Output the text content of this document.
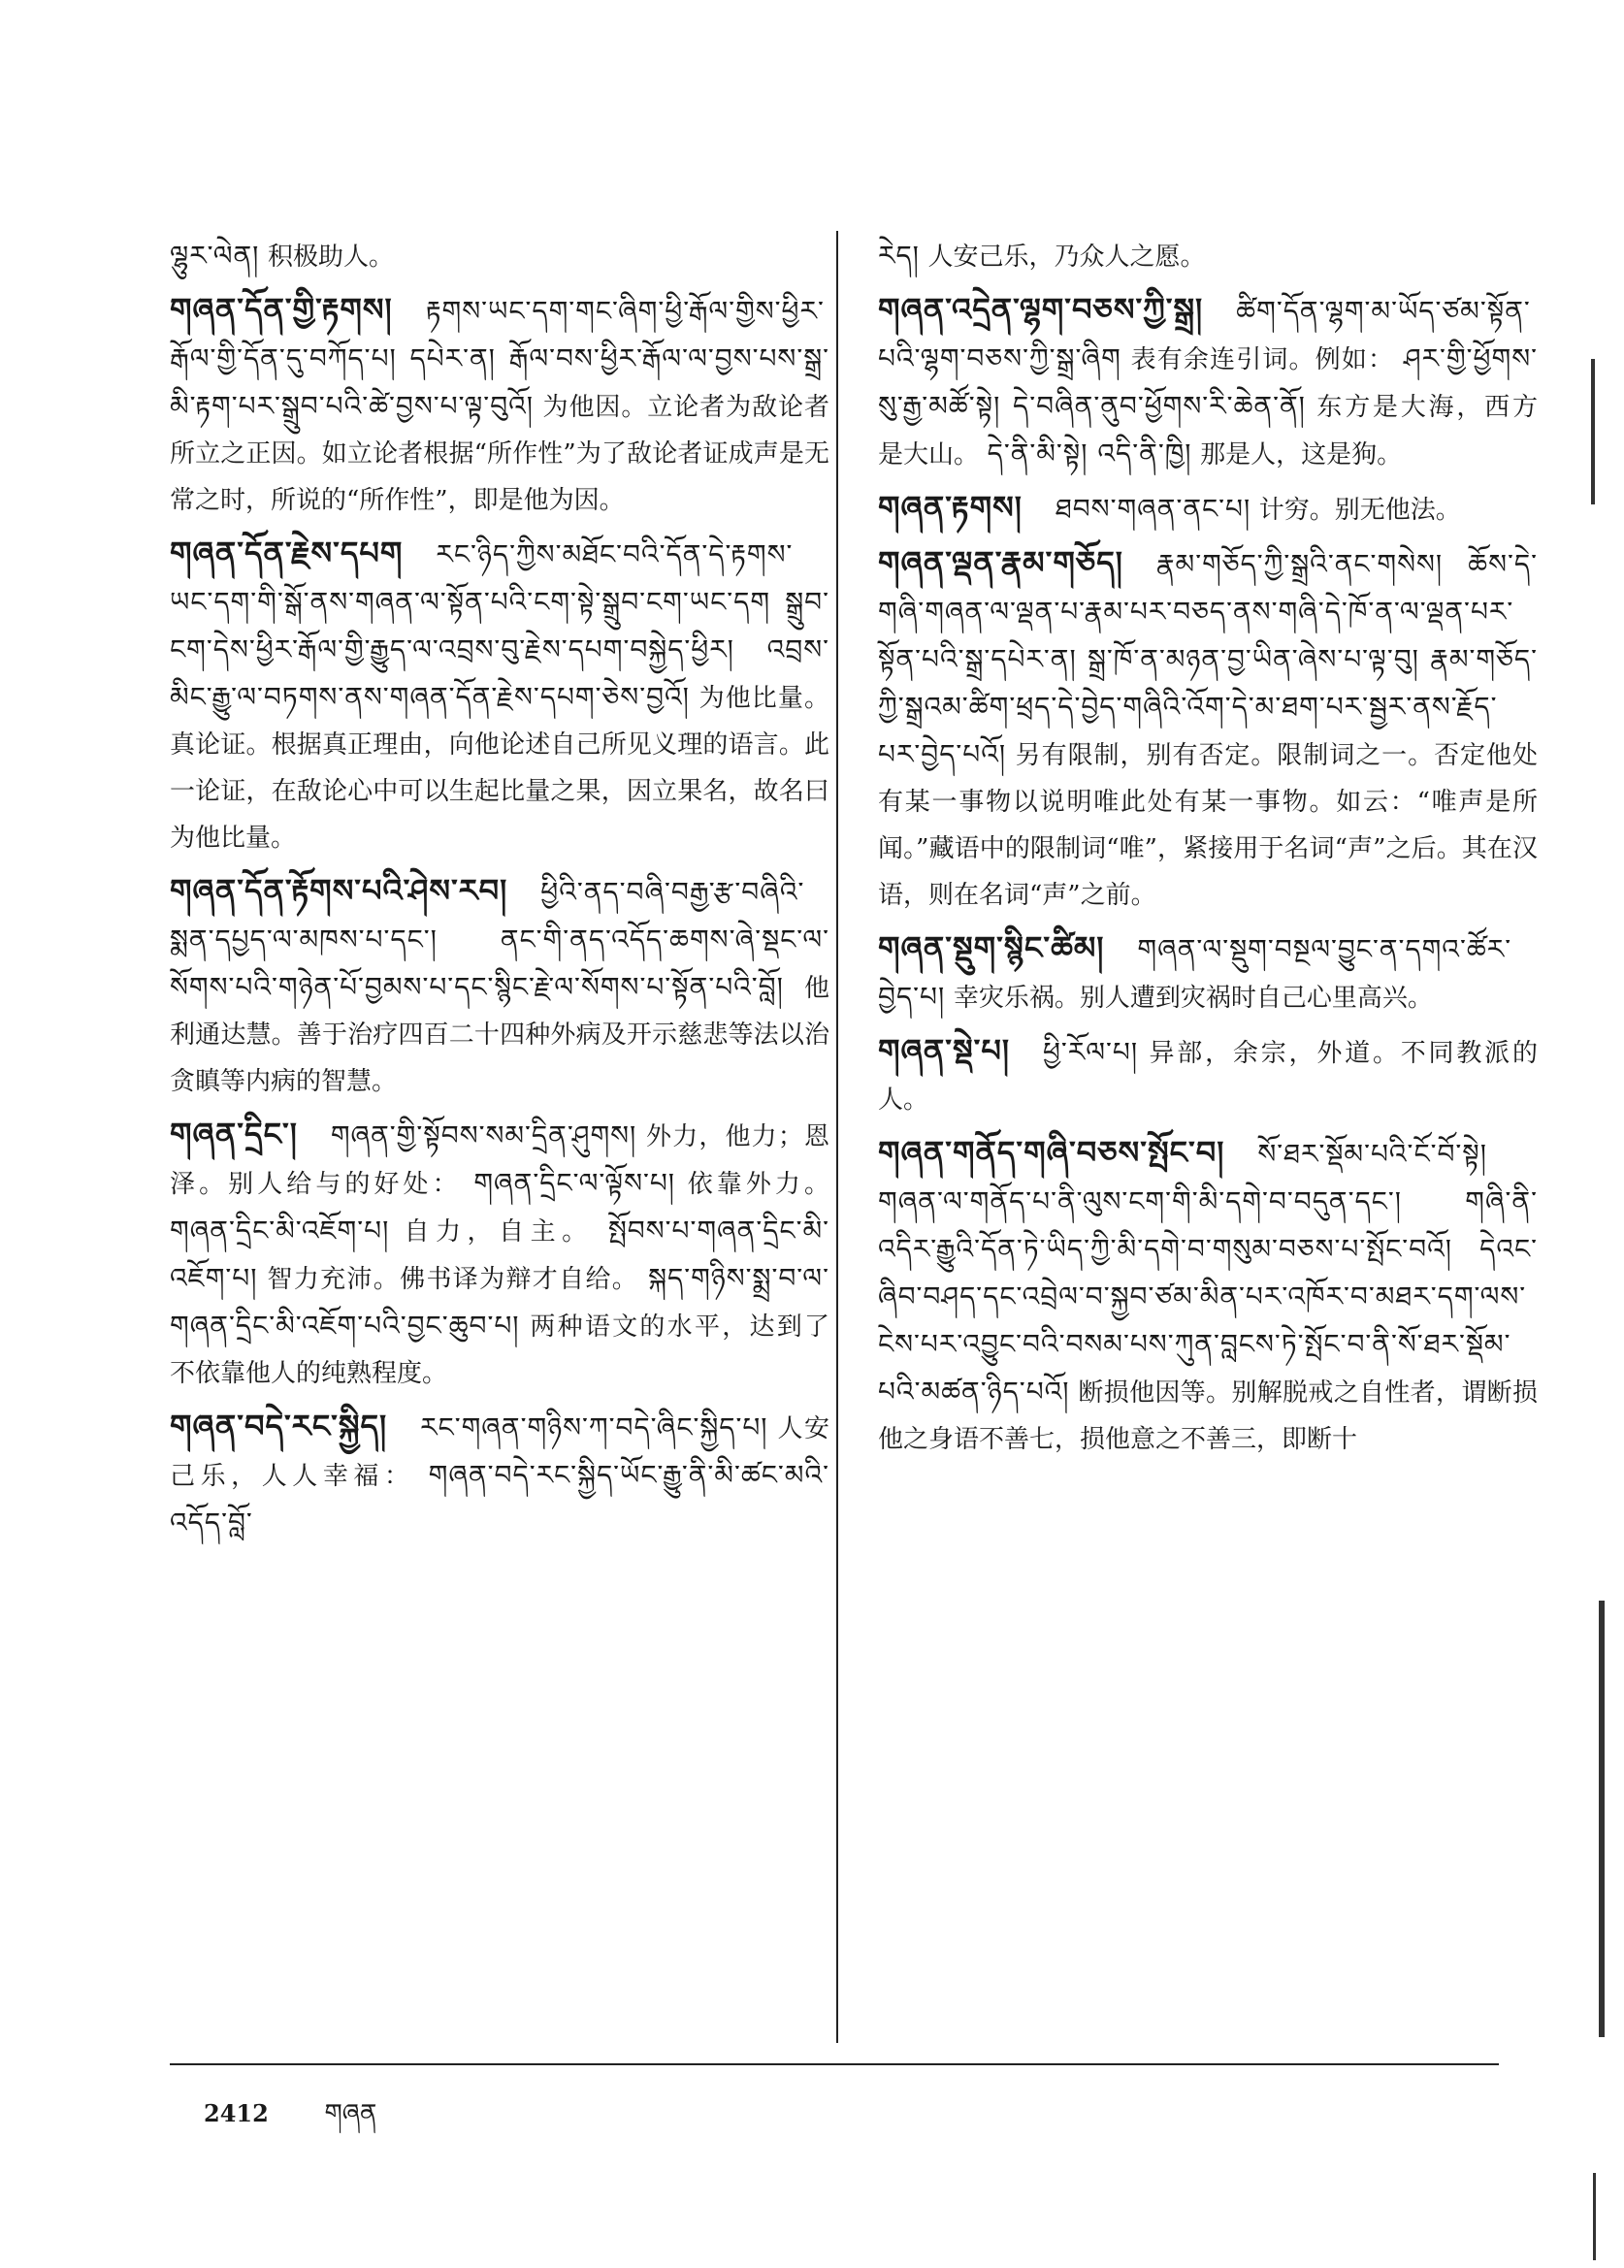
ལྷུར་ལེན། 积极助人。

གཞན་དོན་གྱི་རྟགས། རྟགས་ཡང་དག་གང་ཞིག་ཕྱི་རྒོལ་གྱིས་ཕྱིར་རྒོལ་གྱི་དོན་དུ་བཀོད་པ། དཔེར་ན། རྒོལ་བས་ཕྱིར་རྒོལ་ལ་བྱས་པས་སྒྲ་མི་རྟག་པར་སྒྲུབ་པའི་ཚེ་བྱས་པ་ལྟ་བུའོ། 为他因。立论者为敌论者所立之正因。如立论者根据“所作性”为了敌论者证成声是无常之时，所说的“所作性”，即是他为因。

གཞན་དོན་རྗེས་དཔག རང་ཉིད་ཀྱིས་མཐོང་བའི་དོན་དེ་རྟགས་ཡང་དག་གི་སྒོ་ནས་གཞན་ལ་སྟོན་པའི་ངག་སྟེ་སྒྲུབ་ངག་ཡང་དག སྒྲུབ་ངག་དེས་ཕྱིར་རྒོལ་གྱི་རྒྱུད་ལ་འབྲས་བུ་རྗེས་དཔག་བསྐྱེད་ཕྱིར། འབྲས་མིང་རྒྱུ་ལ་བཏགས་ནས་གཞན་དོན་རྗེས་དཔག་ཅེས་བྱའོ། 为他比量。真论证。根据真正理由，向他论述自己所见义理的语言。此一论证，在敌论心中可以生起比量之果，因立果名，故名曰为他比量。

གཞན་དོན་རྟོགས་པའི་ཤེས་རབ། ཕྱིའི་ནད་བཞི་བརྒྱ་རྩ་བཞིའི་སྨན་དཔྱད་ལ་མཁས་པ་དང་། ནང་གི་ནད་འདོད་ཆགས་ཞེ་སྡང་ལ་སོགས་པའི་གཉེན་པོ་བྱམས་པ་དང་སྙིང་རྗེ་ལ་སོགས་པ་སྟོན་པའི་བློ། 他利通达慧。善于治疗四百二十四种外病及开示慈悲等法以治贪瞋等内病的智慧。

གཞན་དྲིང་། གཞན་གྱི་སྟོབས་སམ་དྲིན་ཤུགས། 外力，他力；恩泽。别人给与的好处： གཞན་དྲིང་ལ་ལྟོས་པ། 依靠外力。 གཞན་དྲིང་མི་འཇོག་པ། 自力，自主。 སྤོབས་པ་གཞན་དྲིང་མི་འཇོག་པ། 智力充沛。佛书译为辩才自给。 སྐད་གཉིས་སྨྲ་བ་ལ་གཞན་དྲིང་མི་འཇོག་པའི་བྱང་ཆུབ་པ། 两种语文的水平，达到了不依靠他人的纯熟程度。

གཞན་བདེ་རང་སྐྱིད། རང་གཞན་གཉིས་ཀ་བདེ་ཞིང་སྐྱིད་པ། 人安己乐，人人幸福： གཞན་བདེ་རང་སྐྱིད་ཡོང་རྒྱུ་ནི་མི་ཚང་མའི་འདོད་བློ་

རེད། 人安己乐，乃众人之愿。

གཞན་འདྲེན་ལྷག་བཅས་ཀྱི་སྒྲ། ཚིག་དོན་ལྷག་མ་ཡོད་ཙམ་སྟོན་པའི་ལྷག་བཅས་ཀྱི་སྒྲ་ཞིག 表有余连引词。例如： ཤར་གྱི་ཕྱོགས་སུ་རྒྱ་མཚོ་སྟེ། དེ་བཞིན་ནུབ་ཕྱོགས་རི་ཆེན་ནོ། 东方是大海，西方是大山。 དེ་ནི་མི་སྟེ། འདི་ནི་ཁྱི། 那是人，这是狗。

གཞན་རྟགས། ཐབས་གཞན་ནང་པ། 计穷。别无他法。

གཞན་ལྡན་རྣམ་གཅོད། རྣམ་གཅོད་ཀྱི་སྒྲའི་ནང་གསེས། ཆོས་དེ་གཞི་གཞན་ལ་ལྡན་པ་རྣམ་པར་བཅད་ནས་གཞི་དེ་ཁོ་ན་ལ་ལྡན་པར་སྟོན་པའི་སྒྲ་དཔེར་ན། སྒྲ་ཁོ་ན་མཉན་བྱ་ཡིན་ཞེས་པ་ལྟ་བུ། རྣམ་གཅོད་ཀྱི་སྒྲའམ་ཚིག་ཕྲད་དེ་བྱེད་གཞིའི་འོག་དེ་མ་ཐག་པར་སྦྱར་ནས་རྗོད་པར་བྱེད་པའོ། 另有限制，别有否定。限制词之一。否定他处有某一事物以说明唯此处有某一事物。如云：“唯声是所闻。”藏语中的限制词“唯”，紧接用于名词“声”之后。其在汉语，则在名词“声”之前。

གཞན་སྡུག་སྙིང་ཚིམ། གཞན་ལ་སྡུག་བསྔལ་བྱུང་ན་དགའ་ཚོར་བྱེད་པ། 幸灾乐祸。别人遭到灾祸时自己心里高兴。

གཞན་སྡེ་པ། ཕྱི་རོལ་པ། 异部，余宗，外道。不同教派的人。

གཞན་གནོད་གཞི་བཅས་སྤོང་བ། སོ་ཐར་སྡོམ་པའི་ངོ་བོ་སྟེ། གཞན་ལ་གནོད་པ་ནི་ལུས་ངག་གི་མི་དགེ་བ་བདུན་དང་། གཞི་ནི་འདིར་རྒྱུའི་དོན་ཏེ་ཡིད་ཀྱི་མི་དགེ་བ་གསུམ་བཅས་པ་སྤོང་བའོ། དེའང་ཞིབ་བཤད་དང་འབྲེལ་བ་སྐྱབ་ཙམ་མིན་པར་འཁོར་བ་མཐར་དག་ལས་ངེས་པར་འབྱུང་བའི་བསམ་པས་ཀུན་བླངས་ཏེ་སྤོང་བ་ནི་སོ་ཐར་སྡོམ་པའི་མཚན་ཉིད་པའོ། 断损他因等。别解脱戒之自性者，谓断损他之身语不善七，损他意之不善三，即断十

2412 གཞན
